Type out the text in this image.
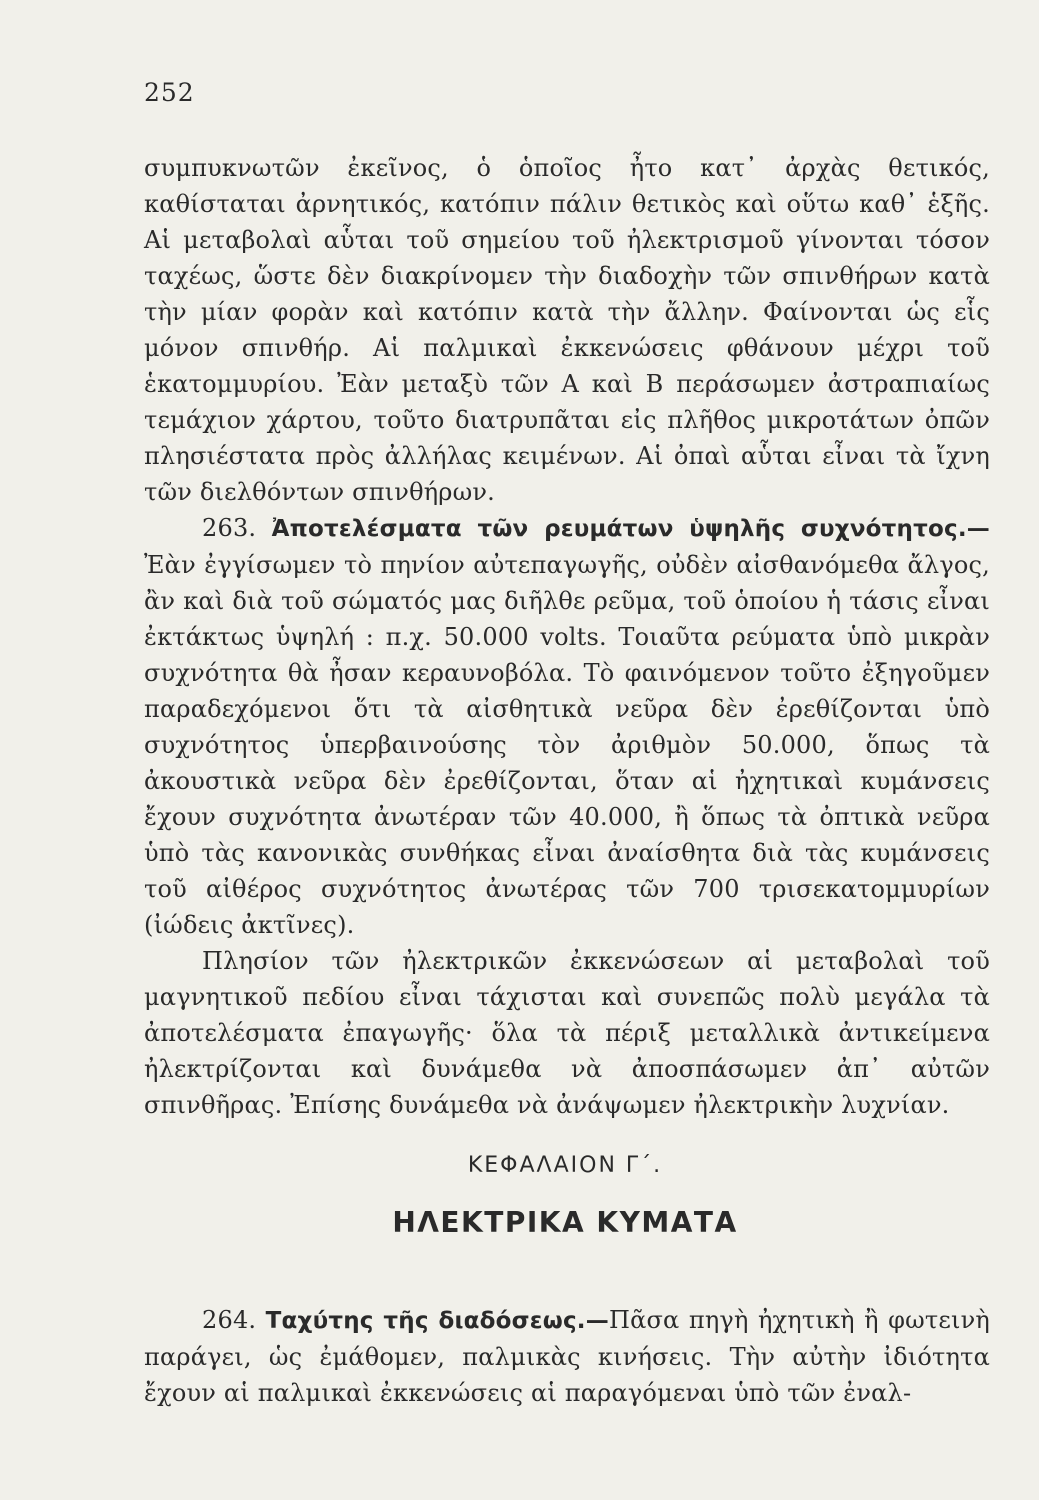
252

συμπυκνωτῶν ἐκεῖνος, ὁ ὁποῖος ἦτο κατ᾽ ἀρχὰς θετικός, καθίσταται ἀρνητικός, κατόπιν πάλιν θετικὸς καὶ οὕτω καθ᾽ ἑξῆς. Αἱ μεταβολαὶ αὗται τοῦ σημείου τοῦ ἠλεκτρισμοῦ γίνονται τόσον ταχέως, ὥστε δὲν διακρίνομεν τὴν διαδοχὴν τῶν σπινθήρων κατὰ τὴν μίαν φορὰν καὶ κατόπιν κατὰ τὴν ἄλλην. Φαίνονται ὡς εἷς μόνον σπινθήρ. Αἱ παλμικαὶ ἐκκενώσεις φθάνουν μέχρι τοῦ ἑκατομμυρίου. Ἐὰν μεταξὺ τῶν Α καὶ Β περάσωμεν ἀστραπιαίως τεμάχιον χάρτου, τοῦτο διατρυπᾶται εἰς πλῆθος μικροτάτων ὀπῶν πλησιέστατα πρὸς ἀλλήλας κειμένων. Αἱ ὀπαὶ αὗται εἶναι τὰ ἴχνη τῶν διελθόντων σπινθήρων.

263. Ἀποτελέσματα τῶν ρευμάτων ὑψηλῆς συχνότητος.— Ἐὰν ἐγγίσωμεν τὸ πηνίον αὐτεπαγωγῆς, οὐδὲν αἰσθανόμεθα ἄλγος, ἂν καὶ διὰ τοῦ σώματός μας διῆλθε ρεῦμα, τοῦ ὁποίου ἡ τάσις εἶναι ἐκτάκτως ὑψηλή : π.χ. 50.000 volts. Τοιαῦτα ρεύματα ὑπὸ μικρὰν συχνότητα θὰ ἦσαν κεραυνοβόλα. Τὸ φαινόμενον τοῦτο ἐξηγοῦμεν παραδεχόμενοι ὅτι τὰ αἰσθητικὰ νεῦρα δὲν ἐρεθίζονται ὑπὸ συχνότητος ὑπερβαινούσης τὸν ἀριθμὸν 50.000, ὅπως τὰ ἀκουστικὰ νεῦρα δὲν ἐρεθίζονται, ὅταν αἱ ἠχητικαὶ κυμάνσεις ἔχουν συχνότητα ἀνωτέραν τῶν 40.000, ἢ ὅπως τὰ ὀπτικὰ νεῦρα ὑπὸ τὰς κανονικὰς συνθήκας εἶναι ἀναίσθητα διὰ τὰς κυμάνσεις τοῦ αἰθέρος συχνότητος ἀνωτέρας τῶν 700 τρισεκατομμυρίων (ἰώδεις ἀκτῖνες).

Πλησίον τῶν ἠλεκτρικῶν ἐκκενώσεων αἱ μεταβολαὶ τοῦ μαγνητικοῦ πεδίου εἶναι τάχισται καὶ συνεπῶς πολὺ μεγάλα τὰ ἀποτελέσματα ἐπαγωγῆς· ὅλα τὰ πέριξ μεταλλικὰ ἀντικείμενα ἠλεκτρίζονται καὶ δυνάμεθα νὰ ἀποσπάσωμεν ἀπ᾽ αὐτῶν σπινθῆρας. Ἐπίσης δυνάμεθα νὰ ἀνάψωμεν ἠλεκτρικὴν λυχνίαν.

ΚΕΦΑΛΑΙΟΝ Γ΄.
ΗΛΕΚΤΡΙΚΑ ΚΥΜΑΤΑ

264. Ταχύτης τῆς διαδόσεως.—Πᾶσα πηγὴ ἠχητικὴ ἢ φωτεινὴ παράγει, ὡς ἐμάθομεν, παλμικὰς κινήσεις. Τὴν αὐτὴν ἰδιότητα ἔχουν αἱ παλμικαὶ ἐκκενώσεις αἱ παραγόμεναι ὑπὸ τῶν ἐναλ-
